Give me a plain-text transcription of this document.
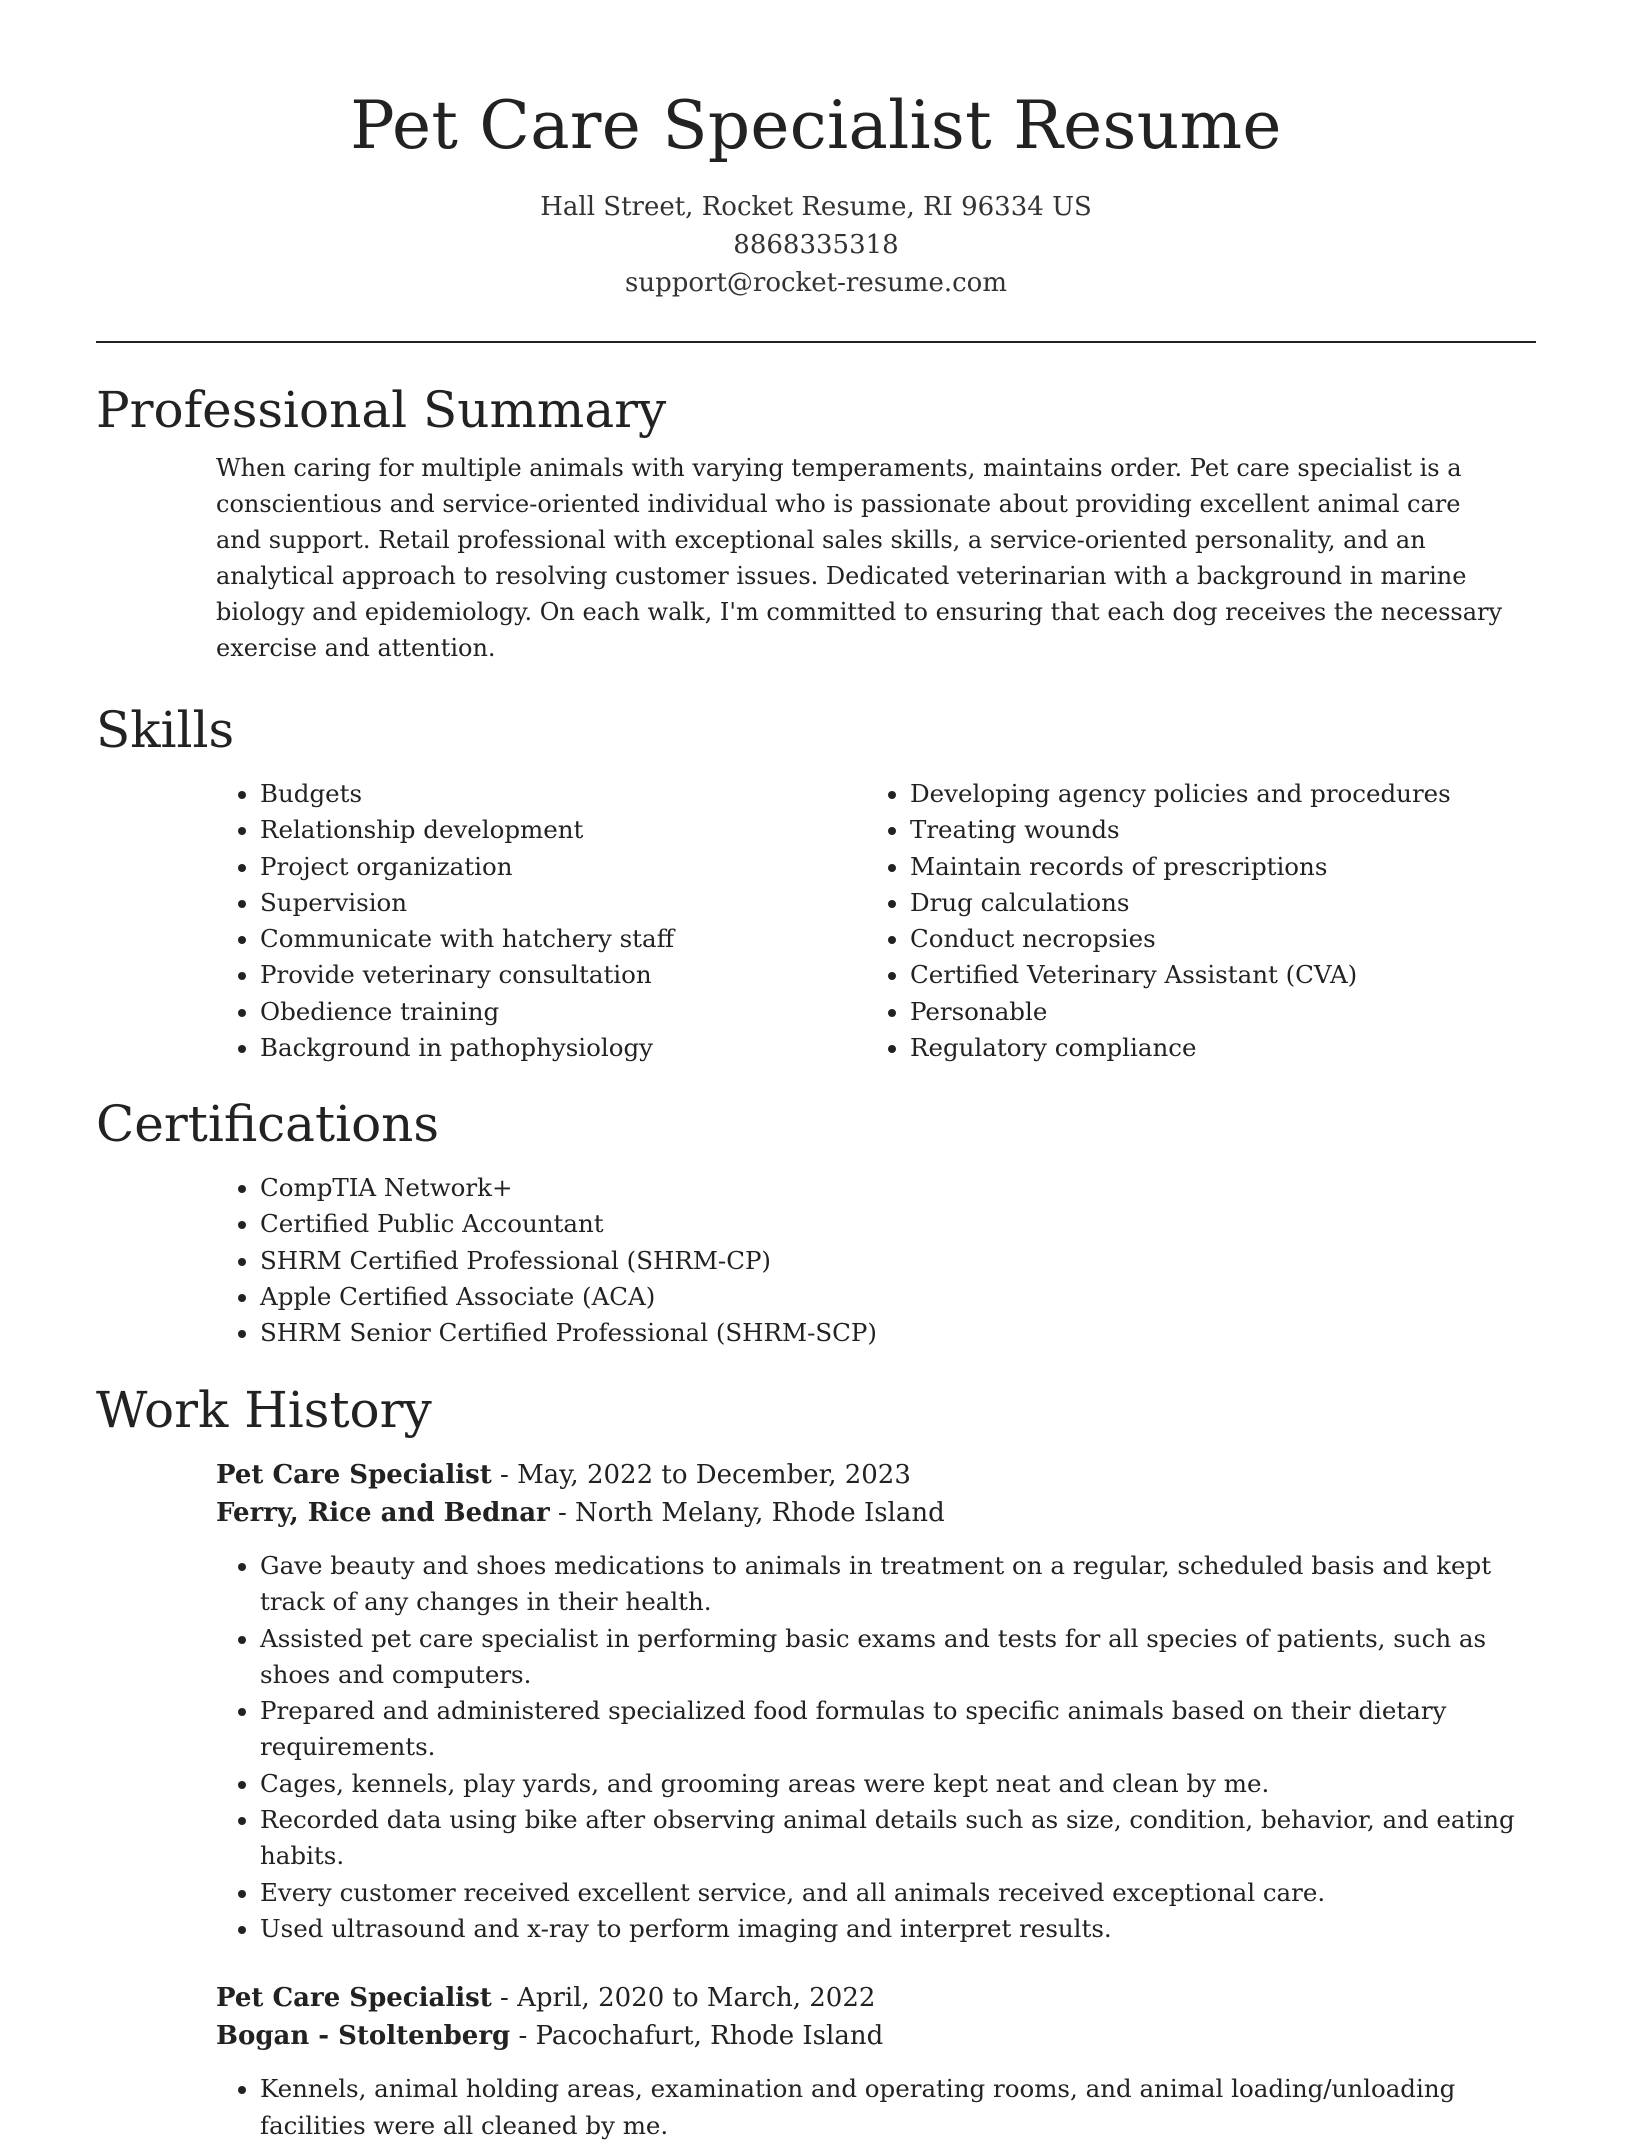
Pet Care Specialist Resume
Hall Street, Rocket Resume, RI 96334 US
8868335318
support@rocket-resume.com
Professional Summary

When caring for multiple animals with varying temperaments, maintains order. Pet care specialist is a conscientious and service-oriented individual who is passionate about providing excellent animal care and support. Retail professional with exceptional sales skills, a service-oriented personality, and an analytical approach to resolving customer issues. Dedicated veterinarian with a background in marine biology and epidemiology. On each walk, I'm committed to ensuring that each dog receives the necessary exercise and attention.

Skills
• Budgets
• Relationship development
• Project organization
• Supervision
• Communicate with hatchery staff
• Provide veterinary consultation
• Obedience training
• Background in pathophysiology
• Developing agency policies and procedures
• Treating wounds
• Maintain records of prescriptions
• Drug calculations
• Conduct necropsies
• Certified Veterinary Assistant (CVA)
• Personable
• Regulatory compliance
Certifications
• CompTIA Network+
• Certified Public Accountant
• SHRM Certified Professional (SHRM-CP)
• Apple Certified Associate (ACA)
• SHRM Senior Certified Professional (SHRM-SCP)
Work History
Pet Care Specialist - May, 2022 to December, 2023
Ferry, Rice and Bednar - North Melany, Rhode Island
• Gave beauty and shoes medications to animals in treatment on a regular, scheduled basis and kept track of any changes in their health.
• Assisted pet care specialist in performing basic exams and tests for all species of patients, such as shoes and computers.
• Prepared and administered specialized food formulas to specific animals based on their dietary requirements.
• Cages, kennels, play yards, and grooming areas were kept neat and clean by me.
• Recorded data using bike after observing animal details such as size, condition, behavior, and eating habits.
• Every customer received excellent service, and all animals received exceptional care.
• Used ultrasound and x-ray to perform imaging and interpret results.
Pet Care Specialist - April, 2020 to March, 2022
Bogan - Stoltenberg - Pacochafurt, Rhode Island
• Kennels, animal holding areas, examination and operating rooms, and animal loading/unloading facilities were all cleaned by me.
